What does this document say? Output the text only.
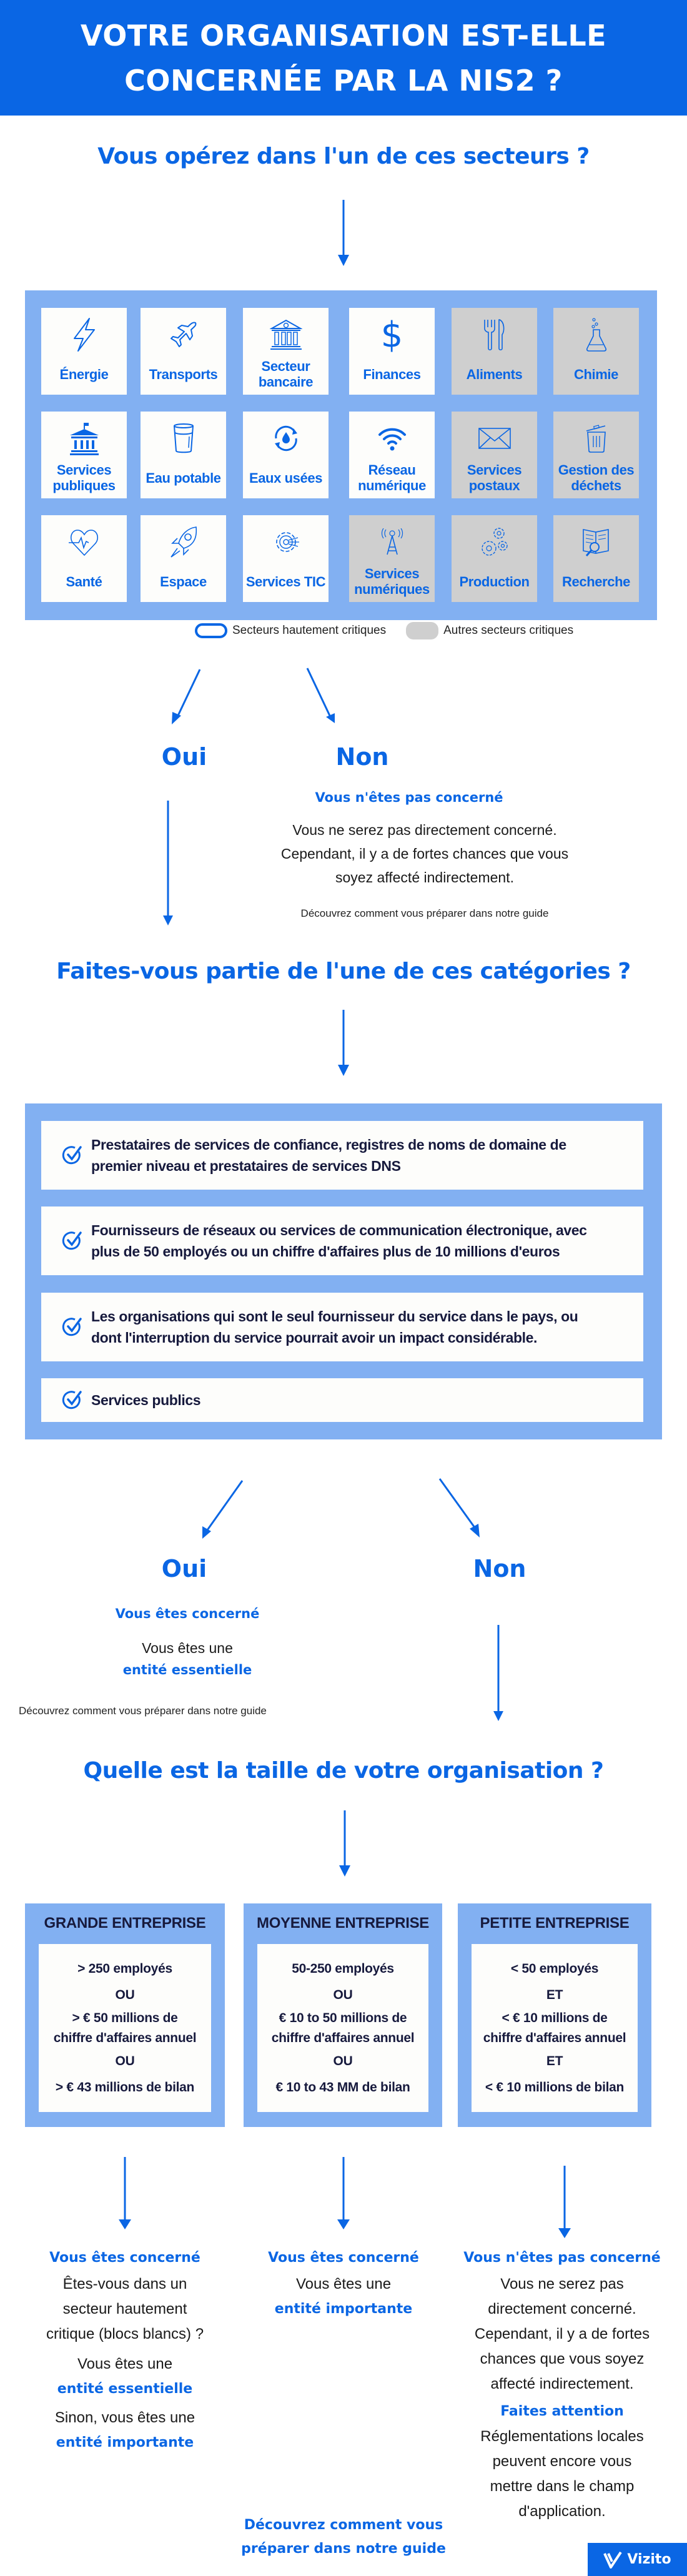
VOTRE ORGANISATION EST-ELLE
CONCERNÉE PAR LA NIS2 ?
Vous opérez dans l'un de ces secteurs ?
Énergie	Transports
Secteur bancaire
$
Finances	Aliments	Chimie
Services publiques	Eau potable Eaux usées
Réseau numérique
Services postaux
Gestion des déchets
Santé	Espace	Services TIC
Services numériques	Production Recherche
Secteurs hautement critiques	Autres secteurs critiques
Oui	Non
Vous n'êtes pas concerné
Vous ne serez pas directement concerné.
Cependant, il y a de fortes chances que vous
soyez affecté indirectement.
Découvrez comment vous préparer dans notre guide
Faites-vous partie de l'une de ces catégories ?
Prestataires de services de confiance, registres de noms de domaine de
premier niveau et prestataires de services DNS
Fournisseurs de réseaux ou services de communication électronique, avec
plus de 50 employés ou un chiffre d'affaires plus de 10 millions d'euros
Les organisations qui sont le seul fournisseur du service dans le pays, ou
dont l'interruption du service pourrait avoir un impact considérable.
Services publics
Oui	Non
Vous êtes concerné
Vous êtes une
entité essentielle
Découvrez comment vous préparer dans notre guide
Quelle est la taille de votre organisation ?
GRANDE ENTREPRISE
> 250 employés
OU
> € 50 millions de
chiffre d'affaires annuel
OU
> € 43 millions de bilan
MOYENNE ENTREPRISE
50-250 employés
OU
€ 10 to 50 millions de
chiffre d'affaires annuel
OU
€ 10 to 43 MM de bilan
PETITE ENTREPRISE
< 50 employés
ET
< € 10 millions de
chiffre d'affaires annuel
ET
< € 10 millions de bilan
Vous êtes concerné
Êtes-vous dans un
secteur hautement
critique (blocs blancs) ?
Vous êtes une
entité essentielle
Sinon, vous êtes une
entité importante
Vous êtes concerné
Vous êtes une
entité importante
Vous n'êtes pas concerné
Vous ne serez pas
directement concerné.
Cependant, il y a de fortes
chances que vous soyez
affecté indirectement.
Faites attention
Réglementations locales
peuvent encore vous
mettre dans le champ
d'application.
Découvrez comment vous
préparer dans notre guide
Vizito
